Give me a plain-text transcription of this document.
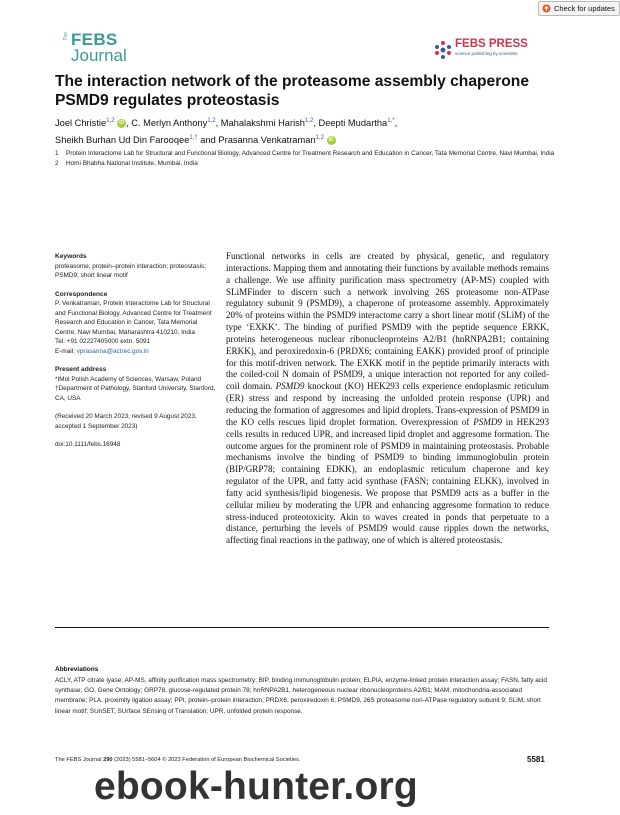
Check for updates
The FEBS
Journal
FEBS PRESS
science publishing by scientists
The interaction network of the proteasome assembly chaperone PSMD9 regulates proteostasis
Joel Christie$^{1,2}$ iD , C. Merlyn Anthony$^{1,2}$, Mahalakshmi Harish$^{1,2}$, Deepti Mudartha$^{1,*}$,
Sheikh Burhan Ud Din Farooqee$^{1,\dagger}$ and Prasanna Venkatraman$^{1,2}$ iD
1 Protein Interactome Lab for Structural and Functional Biology, Advanced Centre for Treatment Research and Education in Cancer, Tata Memorial Centre, Navi Mumbai, India
2 Homi Bhabha National Institute, Mumbai, India
Keywords

proteasome; protein–protein interaction; proteostasis; PSMD9; short linear motif

Correspondence

P. Venkatraman, Protein Interactome Lab for Structural and Functional Biology, Advanced Centre for Treatment Research and Education in Cancer, Tata Memorial Centre, Navi Mumbai, Maharashtra 410210, India

Tel: +91 02227405000 extn. 5091

E-mail: vprasanna@actrec.gov.in

Present address

*IMol Polish Academy of Sciences, Warsaw, Poland

†Department of Pathology, Stanford University, Stanford, CA, USA

(Received 20 March 2023, revised 9 August 2023, accepted 1 September 2023)

doi:10.1111/febs.16948

Functional networks in cells are created by physical, genetic, and regulatory interactions. Mapping them and annotating their functions by available methods remains a challenge. We use affinity purification mass spectrometry (AP-MS) coupled with SLiMFinder to discern such a network involving 26S proteasome non-ATPase regulatory subunit 9 (PSMD9), a chaperone of proteasome assembly. Approximately 20% of proteins within the PSMD9 interactome carry a short linear motif (SLiM) of the type ‘EXKK’. The binding of purified PSMD9 with the peptide sequence ERKK, proteins heterogeneous nuclear ribonucleoproteins A2/B1 (hnRNPA2B1; containing ERKK), and peroxiredoxin-6 (PRDX6; containing EAKK) provided proof of principle for this motif-driven network. The EXKK motif in the peptide primarily interacts with the coiled-coil N domain of PSMD9, a unique interaction not reported for any coiled-coil domain. PSMD9 knockout (KO) HEK293 cells experience endoplasmic reticulum (ER) stress and respond by increasing the unfolded protein response (UPR) and reducing the formation of aggresomes and lipid droplets. Trans-expression of PSMD9 in the KO cells rescues lipid droplet formation. Overexpression of PSMD9 in HEK293 cells results in reduced UPR, and increased lipid droplet and aggresome formation. The outcome argues for the prominent role of PSMD9 in maintaining proteostasis. Probable mechanisms involve the binding of PSMD9 to binding immunoglobulin protein (BIP/GRP78; containing EDKK), an endoplasmic reticulum chaperone and key regulator of the UPR, and fatty acid synthase (FASN; containing ELKK), involved in fatty acid synthesis/lipid biogenesis. We propose that PSMD9 acts as a buffer in the cellular milieu by moderating the UPR and enhancing aggresome formation to reduce stress-induced proteotoxicity. Akin to waves created in ponds that perpetuate to a distance, perturbing the levels of PSMD9 would cause ripples down the networks, affecting final reactions in the pathway, one of which is altered proteostasis.
Abbreviations
ACLY, ATP citrate lyase; AP-MS, affinity purification mass spectrometry; BIP, binding immunoglobulin protein; ELPIA, enzyme-linked protein interaction assay; FASN, fatty acid synthase; GO, Gene Ontology; GRP78, glucose-regulated protein 78; hnRNPA2B1, heterogeneous nuclear ribonucleoproteins A2/B1; MAM, mitochondria-associated membrane; PLA, proximity ligation assay; PPI, protein–protein interaction; PRDX6, peroxiredoxin 6; PSMD9, 26S proteasome non-ATPase regulatory subunit 9; SLiM, short linear motif; SUnSET, SUrface SEnsing of Translation; UPR, unfolded protein response.
The FEBS Journal 290 (2023) 5581–5604 © 2023 Federation of European Biochemical Societies.	5581
ebook-hunter.org
